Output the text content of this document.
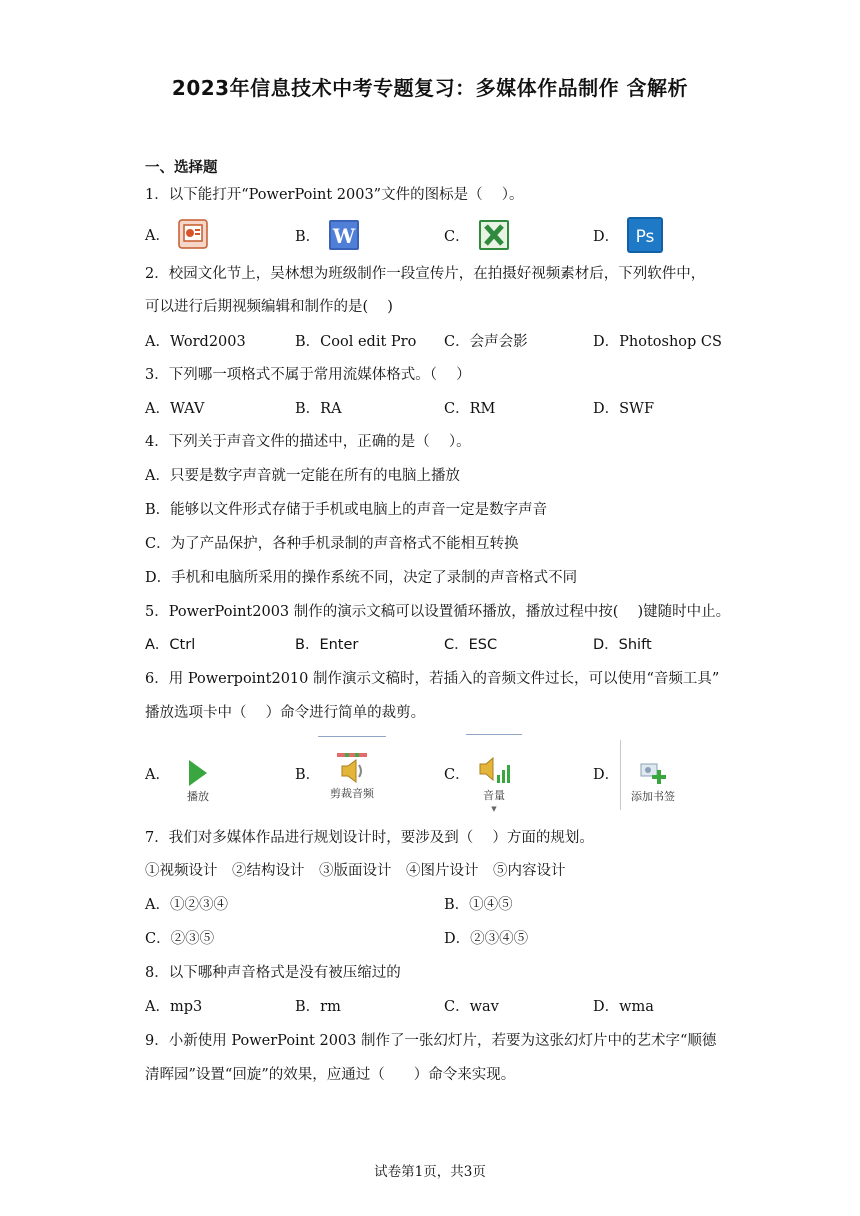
2023年信息技术中考专题复习：多媒体作品制作 含解析
一、选择题
1．以下能打开“PowerPoint 2003”文件的图标是（　 ）。
A．	B． W	C．	D． Ps
2．校园文化节上，吴林想为班级制作一段宣传片，在拍摄好视频素材后，下列软件中，
可以进行后期视频编辑和制作的是(　 )
A．Word2003	B．Cool edit Pro C．会声会影	D．Photoshop CS
3．下列哪一项格式不属于常用流媒体格式。（　 ）
A．WAV	B．RA	C．RM	D．SWF
4．下列关于声音文件的描述中，正确的是（　 ）。
A．只要是数字声音就一定能在所有的电脑上播放
B．能够以文件形式存储于手机或电脑上的声音一定是数字声音
C．为了产品保护，各种手机录制的声音格式不能相互转换
D．手机和电脑所采用的操作系统不同，决定了录制的声音格式不同
5．PowerPoint2003 制作的演示文稿可以设置循环播放，播放过程中按(　 )键随时中止。
A．Ctrl	B．Enter	C．ESC	D．Shift
6．用 Powerpoint2010 制作演示文稿时，若插入的音频文件过长，可以使用“音频工具”
播放选项卡中（　 ）命令进行简单的裁剪。
A．
播放
B．
剪裁音频
C．
音量
▼
D．
添加书签
7．我们对多媒体作品进行规划设计时，要涉及到（　 ）方面的规划。
①视频设计　②结构设计　③版面设计　④图片设计　⑤内容设计
A．①②③④	B．①④⑤
C．②③⑤	D．②③④⑤
8．以下哪种声音格式是没有被压缩过的
A．mp3	B．rm	C．wav	D．wma
9．小新使用 PowerPoint 2003 制作了一张幻灯片，若要为这张幻灯片中的艺术字“顺德
清晖园”设置“回旋”的效果，应通过（　　）命令来实现。
试卷第1页，共3页
